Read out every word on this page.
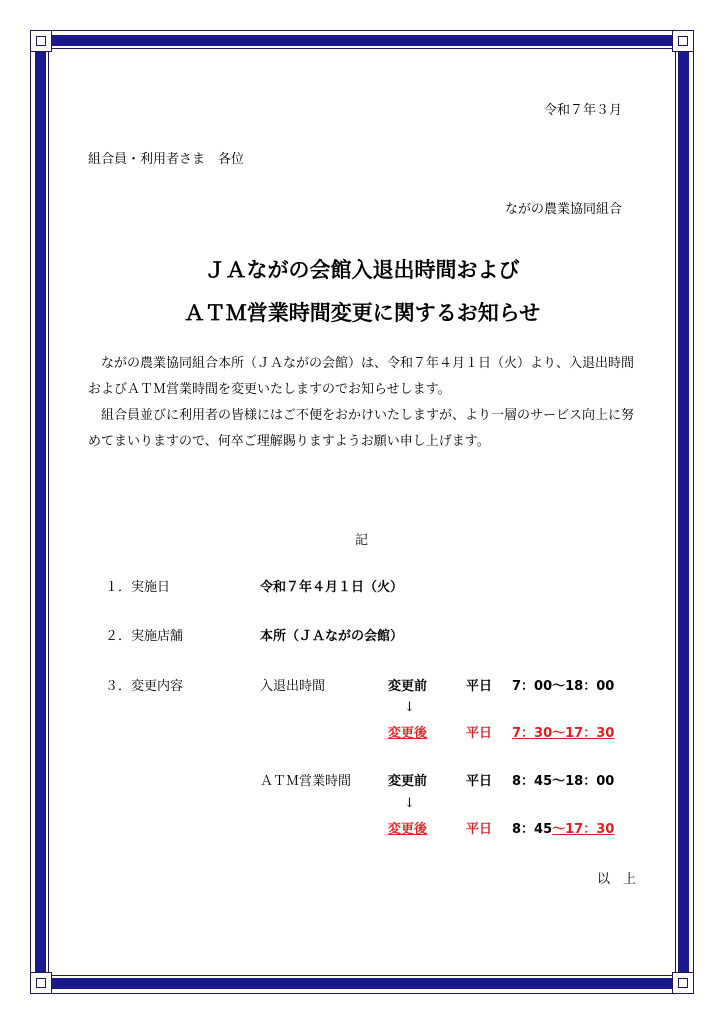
令和７年３月
組合員・利用者さま　各位
ながの農業協同組合
ＪＡながの会館入退出時間および
ＡＴＭ営業時間変更に関するお知らせ

　ながの農業協同組合本所（ＪＡながの会館）は、令和７年４月１日（火）より、入退出時間およびＡＴＭ営業時間を変更いたしますのでお知らせします。

　組合員並びに利用者の皆様にはご不便をおかけいたしますが、より一層のサービス向上に努めてまいりますので、何卒ご理解賜りますようお願い申し上げます。

記
１．実施日	令和７年４月１日（火）
２．実施店舗	本所（ＪＡながの会館）
３．変更内容	入退出時間	変更前	平日 7：00～18：00
↓
変更後	平日 7：30～17：30
ＡＴＭ営業時間	変更前	平日 8：45～18：00
↓
変更後	平日 8：45～17：30
以　上
